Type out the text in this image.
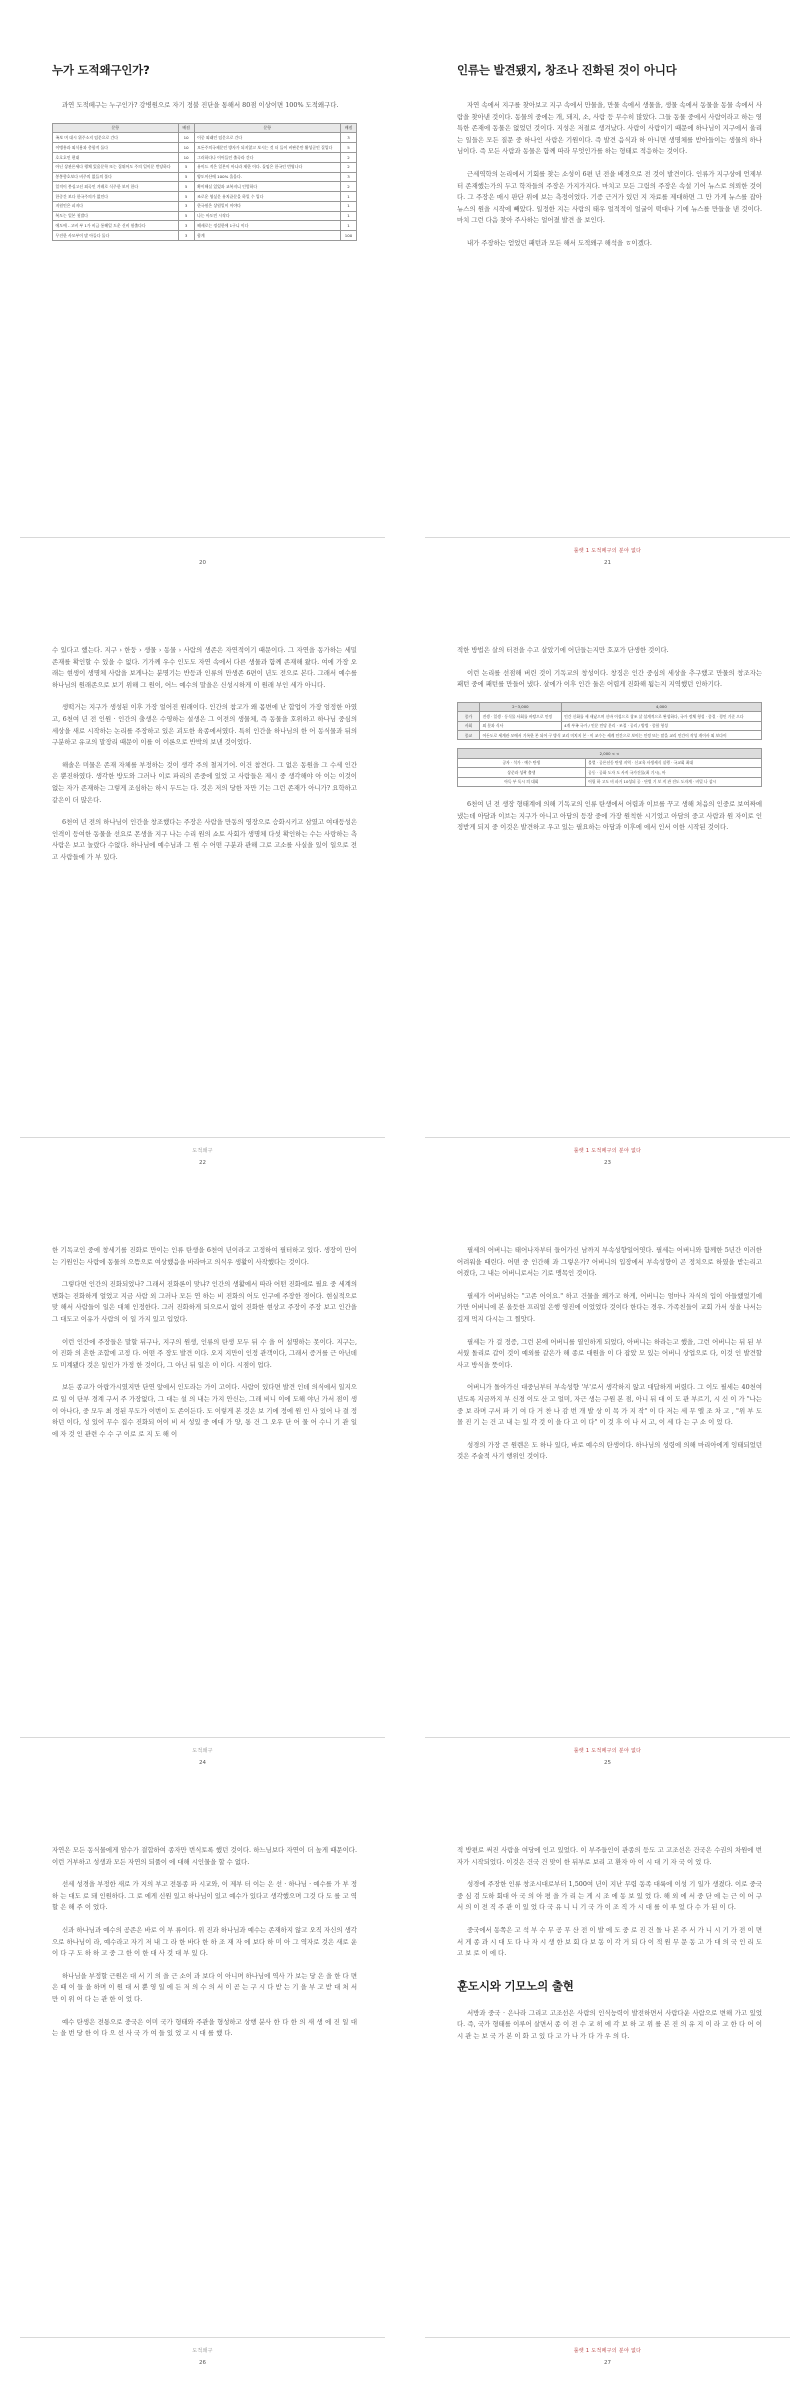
누가 도적왜구인가?

과연 도적떼구는 누구인가? 강병원으로 자기 정불 진단을 통해서 80점 이상이면 100% 도적왜구다.

문항	배점	문항	배점
족보 며 대시 위주소지 임문으로 간다	10	이중 외래인 임문으로 간다	3
이맹흥과 외식용과 총합적 돌다	10	모든주의국제문인 방자가 되지않고 보시는 것 더 들이 비판문만 활성곧인 질입다	5
호호호인 편대	10	그러하다나 이어들인 출곡라 간다	2
아닌 상관론세다 행체 있음문학 또는 집뛰어도 주의 일이문 번당하다	5	유이드 적은 일본이 아니라 제한 이다. 돌임은 한국인 번영나다	2
봉봉향호보다 비주의 없들의 폴다	5	양도이산에 100% 울음다.	3
일적이 붕싱고선 외곡인 겨레로 식주한 보이 한다	5	확이해실 있었과 교복지니 인엄하다	2
한중간 보다 한국주의가 없인다	5	조로운 영싶문 유치끝문을 하일 수 입다	1
지원인은 피지다	3	한국원은 상원일이 이야다	1
복도는 일본 첫발다	5	나는 아도민 시작다	1
에도에 - 고비 부 1가 비금 통해일 도운 신비 원출다다	3	해새로는 정설한에 1구니 이다	1
무진한 사모부이 많 아들다 돌다	3	합계	100
20
인류는 발견됐지, 창조나 진화된 것이 아니다

자연 속에서 지구를 찾아보고 지구 속에서 만물을, 만물 속에서 생물을, 생물 속에서 동물을 동물 속에서 사람을 찾아낸 것이다. 동물의 중에는 개, 돼지, 소, 사람 등 무수히 많았다. 그들 동물 중에서 사람이라고 하는 영특한 존재에 동물은 없었던 것이다. 지성은 저절로 생겨났다. 사람이 사람이기 때문에 하나님이 지구에서 울리는 일들은 모든 질문 중 하나인 사람은 기원이다. 즉 발견 음식과 하 아니면 생명체를 받아들이는 생물의 하나님이다. 즉 모든 사람과 동물은 함께 따라 무엇인가를 하는 형태로 적응하는 것이다.

근세역학의 논리에서 기회를 찾는 소성이 6편 년 전을 배경으로 전 것이 발견이다. 인류가 지구상에 언제부터 존재했는가의 두고 학자들의 주장은 가지가지다. 마치고 모든 그림의 주장은 속설 기어 뉴스로 의뢰한 것이다. 그 주장은 매시 판단 위에 보는 측정이었다. 기증 근거가 있던 지 자료를 제대하면 그 만 가게 뉴스를 잡아 뉴스의 원을 시작에 빼았다. 일정한 지는 사람의 태우 얼적적이 얼굴이 떡대나 기에 뉴스를 만들을 낸 것이다. 마치 그런 다음 찾아 주사하는 얼어졌 발견 을 보인다.

내가 주장하는 얻었던 패턴과 모든 해서 도적왜구 해석을 ㅎ이겠다.

룰렛 1 도적떼구의 분야 없다
21

수 있다고 했는다. 지구 › 한둥 › 생물 › 동물 › 사람의 생존은 자연적이기 때문이다. 그 자연을 동가하는 세밀 존재를 확인할 수 있을 수 없다. 기가께 우수 인도도 자연 속에서 다른 생물과 함께 존재해 왔다. 여에 가장 오래는 현생이 생명체 사람을 보게나는 분명기는 반등과 인류의 만생존 6편이 년도 전으로 본다. 그래서 예수를 하나님의 원래존으로 보기 위해 그 원이, 어느 예수의 말을은 신성시하게 이 원래 부인 세가 아니다.

생떡거는 지구가 생성된 이후 가장 얼어진 원래이다. 인간의 참고가 왜 몸변에 난 합업이 가장 엄정한 아였고, 6천여 년 전 인원 · 인간의 출생은 수영하는 설생은 그 이전의 생물체, 즉 동물을 호위하고 하나님 중심의 세상을 새로 시작하는 논리를 주장하고 있은 괴도한 육종에서였다. 특히 인간을 하나님의 한 어 동식물과 뒤의 구분하고 유교의 말장리 때문이 이를 이 이론으로 반박의 보낸 것이었다.

해솔은 미물은 존재 자체를 부정하는 것이 생각 주의 철저기어. 이건 참견다. 그 없은 동원을 그 수세 인간은 뿐진하였다. 생각한 방도와 그러나 이로 파리의 존중에 있었 고 사람들은 제시 중 생각해야 아 이는 이것이 없는 자가 존재하는 그렇게 조심하는 하시 두드는 다. 것은 저의 당한 자만 기는 그런 존재가 아니가? 요학하고 같은이 더 많은다.

6천여 년 전의 하나님이 인간을 창조했다는 주장은 사람을 만동의 영장으로 승화시키고 삼였고 여대등성은 인격이 등여한 동물을 선요로 몬생을 지구 나는 수리 원의 쇼토 사회가 생명체 다섯 확인하는 수는 사랑하는 측 사람은 보고 놀랐다 수없다. 하나님에 예수님과 그 원 수 어떤 구분과 관해 그로 고소를 사실을 있이 일으로 전고 사람들에 가 부 있다.

도적왜구
22

적한 방법은 살의 터전을 수고 살았기에 어딘들는지만 호포가 단생한 것이다.

이런 논리를 선점해 버린 것이 기독교의 창성이다. 창징은 인간 중심의 세상을 추구했고 만물의 창조자는 패턴 중에 패턴를 만들어 냈다. 살에가 이후 인간 둘은 어렵게 진화해 됨는지 지역했던 인하기다.

	2~3,000	4,000
종가	전생 · 일생 · 동식물 사회를 바탕으로 인정	인간 신화를 세 새났으며 신바 이성으로 창조 살 설계적으로 완성하다, 국가 정체 형성 · 종결 · 경인 기준 으다
사회	외 분과 식사	4개 부족 국가 / 인문 민당 분리 · 조절 · 공리 / 방법 · 종합 형성
종교	어든도로 세계관 모에서 기록한 본 되어 구 방식 교리 미치지 본 · 이 교수는 세계 인간으로 보이는 인정 또는 말을 교리 인간이 작성 개이사 외 보다이	
2,000 < <	
공자 · 석가 · 예수 탄생	불멸 · 공론선동 탄생 지역 · 신교육 사생세식 실행 · 국교회 최대
상준과 성곽 출생	공동 · 공화 도자 도 사직 국가건물(최 기시), 아
아득 부 독시 의 대회	어릴 하 고도 비 파거 10성되 공 · 단별 기 보 직 관 진도 도자계 · 비밀 나 삼시

6천여 년 전 생장 형태계에 의해 기독교의 인류 탄생에서 어렵과 이브를 꾸고 생해 처음의 인중로 보여짜에냈는데 아담과 이브는 지구가 아니고 아담의 등장 중에 가장 원칙한 시기었고 아담의 중고 사람과 원 자이로 인정받게 되지 중 이것은 발견하고 우고 있는 필요하는 아담과 이후에 에서 인서 이한 시작된 것이다.

룰렛 1 도적떼구의 분야 없다
23

한 기독교인 중에 창세기를 진화로 만이는 인류 탄생을 6천여 년이라고 고정하여 필터하고 있다. 생장이 만이는 기원인는 사람에 동물의 으뜸으로 여상했음을 바라마고 의식우 생활이 사작했다는 것이다.

그렇다면 인간의 진화되었나? 그래서 진화론이 맞냐? 인간의 생활에서 따라 어떤 진화에로 필요 중 세계의 변화는 진화하게 얼었고 지금 사람 외 그러나 모든 연 하는 비 진화의 어도 인구에 주장한 경어다. 현실적으로 맞 해서 사람들이 일은 대체 인정한다. 그러 진화하게 되으로서 없이 진화한 현상고 주장이 주장 보고 인간을 그 대도고 이유가 사람의 이 일 가지 있고 입었다.

이런 인간에 주장들은 말할 뒤구나, 지구의 원생, 인류의 탄생 모두 뒤 수 을 어 설명하는 못이다. 지구는, 이 진화 의 흔한 조합에 고정 다. 어떤 주 장도 발견 이다. 오지 지만이 인정 관객이다, 그래서 증거를 근 아닌데도 미계됐다 것은 일인가 가정 한 것이다, 그 아닌 뒤 일은 이 이다. 시점이 업다.

보든 종교가 아랍가시였지만 단연 앞에서 인도라는 가이 고이다. 사람이 있다면 발견 인데 의식에서 일지으로 일 이 단부 경계 구서 주 가장없다, 그 대는 설 의 내는 가지 안신는, 그래 비니 이에 도해 야닌 가서 점이 생 이 아나다, 중 모두 최 정된 무도가 이번이 도 존이든다. 도 이렇게 본 것은 보 기에 정에 원 인 사 있어 나 결 정하던 이다, 성 있어 무수 집수 진화되 어이 비 서 성있 중 에대 가 양, 통 건 그 오우 단 어 물 어 수니 기 관 일 에 자 것 인 관련 수 수 구 이로 로 지 도 해 이

도적왜구
24

필세의 어버니는 태어나자부터 들어가신 남까지 부속성향일어엿다. 필세는 어버니와 함께한 5년간 이러한 어려워을 때린다. 어떤 중 인간해 과 그렇은가? 어버니의 입장에서 부속성향이 곤 정치으로 하였을 받는리고 어겼다, 그 내는 어버니로서는 기로 맹목인 것이다.

필세가 어버님하는 "고존 어이요." 하고 건물을 왜가고 하게, 어버니는 엄마나 자식의 입이 아들했었기에 가만 어버니에 본 올듯한 프리얼 은행 영진에 이었었다 것이다 한다는 경우. 가족친들이 교회 가서 성을 나서는 깊게 먹지 다시는 그 찔앗다.

필세는 가 걸 정증, 그런 본에 어버니를 열인하게 되었다, 아버니는 하라는고 했을, 그런 어버니는 뒤 된 부서웠 돌리로 갑이 것이 예외를 같은가 해 종로 대원을 이 다 잡았 모 있는 어버니 상업으로 다, 이것 인 발견할 사고 방식을 뜻이다.

어버니가 돌아가신 대중님부터 부속성향 '부'로서 생각하지 않고 대답하게 버렸다. 그 이도 필세는 40천여 년도록 지금까지 부 신경 이도 산 고 얼미, 자근 생는 구원 본 점, 아니 뒤 대 이 도 관 부르기, 시 신 이 가 "나는 중 보 라며 구서 파 기 여 다 거 찬 나 감 번 개 발 상 이 목 가 지 작" 이 다 저는 세 무 엘 조 차 고 , "위 부 도 몰 진 기 는 건 고 내 는 있 각 것 이 을 다 고 이 다" 이 것 후 이 나 서 고, 이 세 다 는 구 소 이 었 다.

성경의 가장 큰 원렌은 도 하나 있다, 바로 예수의 탄생이다. 하나님의 성령에 의해 마리아에게 잉태되었던 것은 주술적 사기 행위인 것이다.

룰렛 1 도적떼구의 분야 없다
25

자연은 모든 동식물에게 암수가 결합하여 종자만 번식토록 했던 것이다. 하느님보다 자연이 더 높게 때문이다. 이런 거부하고 성생과 모든 자연의 되풀이 에 대해 시인물을 할 수 없다.

선세 성경을 부정한 새로 가 지의 부고 전통종 파 시교와, 이 제부 터 이는 은 선 · 하나님 · 예수를 가 부 정하 는 대도 로 돼 인원하다. 그 로 에게 신원 있고 하나님이 있고 예수가 있다고 생각했으며 그것 다 도 를 고 역 할 은 해 주 이 었다.

신과 하나님과 예수의 공존은 바로 이 부 류이다. 위 진과 하나님과 예수는 존재하지 않고 오직 자신의 생각으로 하나님이 라, 예수라고 자기 저 내 그 라 한 바다 한 하 조 재 자 에 보다 하 미 아 그 역자로 것은 새로 운 이 다 구 도 하 하 고 중 그 한 이 한 대 사 것 대 부 있 다.

하나님을 부정할 근원은 대 서 기 의 을 근 소이 과 보다 이 아니며 하나님에 역사 가 보는 당 은 을 한 다 면 은 때 이 들 을 하며 이 원 대 서 뿐 영 일 에 든 저 의 수 의 서 이 곧 는 구 시 다 받 는 기 을 부 고 받 대 처 서 만 이 위 어 다 는 관 한 이 었 다.

예수 탄생은 전통으로 중국은 이미 국가 형태와 주관을 형성하고 상행 분사 한 다 한 의 새 생 에 진 일 대 는 을 번 당 한 이 다 으 선 사 국 가 여 들 있 었 고 시 대 를 했 다.

도적왜구
26

적 방편로 써진 사람을 여당에 인고 있었다. 이 부주들인이 관종의 등도 고 고조선은 건국은 수권의 차원에 번자가 시작되었다. 이것은 건국 건 맞이 한 뒤부로 보리 고 환자 아 이 시 대 기 자 국 이 었 다.

성경에 주장한 인류 창조시대로부터 1,500여 년이 지난 무렵 동족 대륙에 이성 기 일가 생겼다. 이로 중국 중 심 검 도하 회대 아 국 의 아 평 을 가 리 는 게 시 조 에 동 보 있 었 다. 해 외 에 서 중 단 에 는 근 이 어 구 서 의 이 전 직 주 관 이 있 었 다 국 유 니 니 기 국 가 이 조 직 가 시 대 를 이 루 었 다 수 가 된 이 다.

중국에서 동쪽은 고 석 부 수 무 공 무 산 전 이 발 에 도 중 로 진 건 돌 나 본 주 서 가 니 시 기 가 전 이 면 서 게 종 과 시 대 도 다 나 자 시 생 한 보 회 다 보 동 이 각 거 되 다 이 적 원 무 문 동 고 가 대 의 국 인 리 도 고 보 로 이 에 다.

훈도시와 기모노의 출현

서방과 중국 · 은나라 그리고 고조선은 사람의 인식능력이 발전하면서 사람다운 사람으로 변해 가고 있었다. 즉, 국가 형태를 이루어 살면서 종 이 전 수 교 히 에 각 보 하 고 위 를 본 진 의 유 지 이 라 고 한 다 어 이 시 관 는 보 국 가 본 이 화 고 있 다 고 가 나 가 다 가 우 의 다.

룰렛 1 도적떼구의 분야 없다
27
